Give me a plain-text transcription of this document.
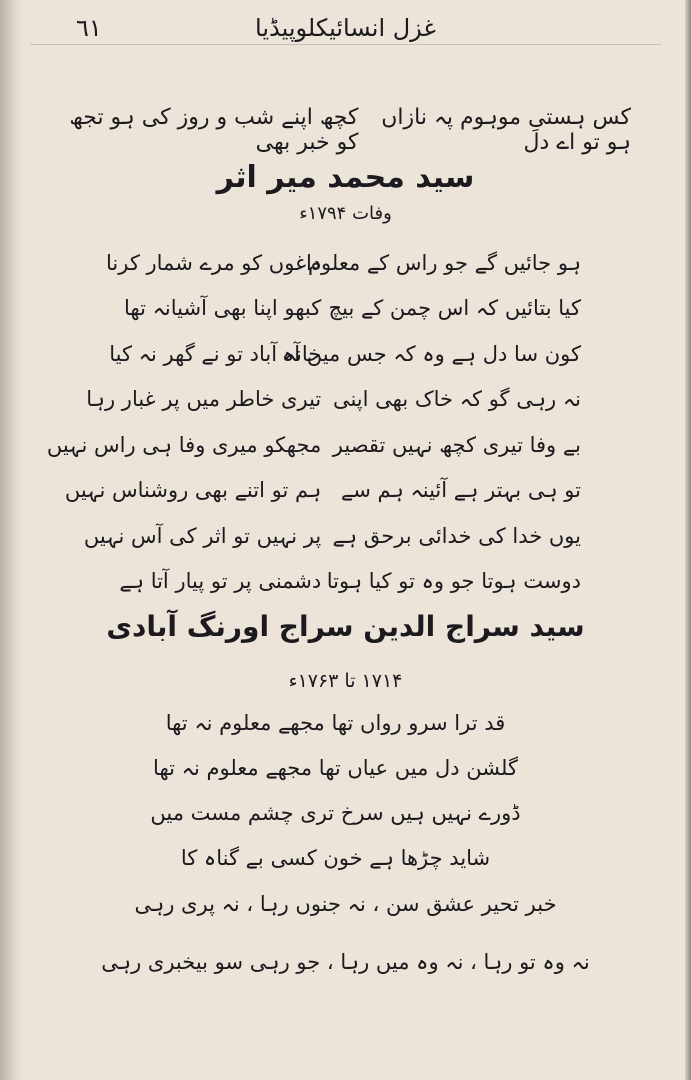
٦١	غزل انسائیکلوپیڈیا
کس ہستیِ موہوم پہ نازاں ہو تو اے دل
کچھ اپنے شب و روز کی ہو تجھ کو خبر بھی
سید محمد میر اثر
وفات ۱۷۹۴ء
ہو جائیں گے جو راس کے معلوم
داغوں کو مرے شمار کرنا
کیا بتائیں کہ اس چمن کے بیچ
کبھو اپنا بھی آشیانہ تھا
کون سا دل ہے وہ کہ جس میں آہ
خانہ آباد تو نے گھر نہ کیا
نہ رہی گو کہ خاک بھی اپنی
تیری خاطر میں پر غبار رہا
بے وفا تیری کچھ نہیں تقصیر
مجھکو میری وفا ہی راس نہیں
تو ہی بہتر ہے آئینہ ہم سے
ہم تو اتنے بھی روشناس نہیں
یوں خدا کی خدائی برحق ہے
پر نہیں تو اثر کی آس نہیں
دوست ہوتا جو وہ تو کیا ہوتا
دشمنی پر تو پیار آتا ہے
سید سراج الدین سراج اورنگ آبادی
۱۷۱۴ تا ۱۷۶۳ء
قد ترا سرو رواں تھا مجھے معلوم نہ تھا
گلشن دل میں عیاں تھا مجھے معلوم نہ تھا
ڈورے نہیں ہیں سرخ تری چشم مست میں
شاید چڑھا ہے خون کسی بے گناہ کا
خبر تحیر عشق سن ، نہ جنوں رہا ، نہ پری رہی
نہ وہ تو رہا ، نہ وہ میں رہا ، جو رہی سو بیخبری رہی
